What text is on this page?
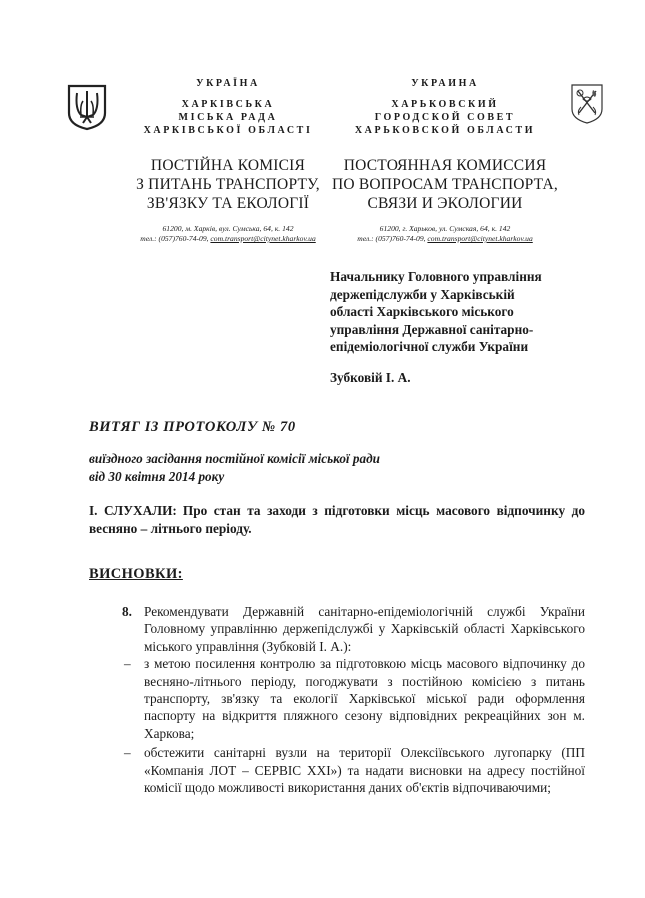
УКРАЇНА
ХАРКІВСЬКА
МІСЬКА РАДА
ХАРКІВСЬКОЇ ОБЛАСТІ
ПОСТІЙНА КОМІСІЯ
З ПИТАНЬ ТРАНСПОРТУ,
ЗВ'ЯЗКУ ТА ЕКОЛОГІЇ
61200, м. Харків, вул. Сумська, 64, к. 142
тел.: (057)760-74-09, com.transport@citynet.kharkov.ua
УКРАИНА
ХАРЬКОВСКИЙ
ГОРОДСКОЙ СОВЕТ
ХАРЬКОВСКОЙ ОБЛАСТИ
ПОСТОЯННАЯ КОМИССИЯ
ПО ВОПРОСАМ ТРАНСПОРТА,
СВЯЗИ И ЭКОЛОГИИ
61200, г. Харьков, ул. Сумская, 64, к. 142
тел.: (057)760-74-09, com.transport@citynet.kharkov.ua
Начальнику Головного управління
держепідслужби у Харківській
області Харківського міського
управління Державної санітарно-
епідеміологічної служби України
Зубковій І. А.
ВИТЯГ ІЗ ПРОТОКОЛУ № 70
виїздного засідання постійної комісії міської ради
від 30 квітня 2014 року
І. СЛУХАЛИ: Про стан та заходи з підготовки місць масового відпочинку до весняно – літнього періоду.
ВИСНОВКИ:
8. Рекомендувати Державній санітарно-епідеміологічній службі України Головному управлінню держепідслужбі у Харківській області Харківського міського управління (Зубковій І. А.):
– з метою посилення контролю за підготовкою місць масового відпочинку до весняно-літнього періоду, погоджувати з постійною комісією з питань транспорту, зв'язку та екології Харківської міської ради оформлення паспорту на відкриття пляжного сезону відповідних рекреаційних зон м. Харкова;
– обстежити санітарні вузли на території Олексіївського лугопарку (ПП «Компанія ЛОТ – СЕРВІС ХХІ») та надати висновки на адресу постійної комісії щодо можливості використання даних об'єктів відпочиваючими;
